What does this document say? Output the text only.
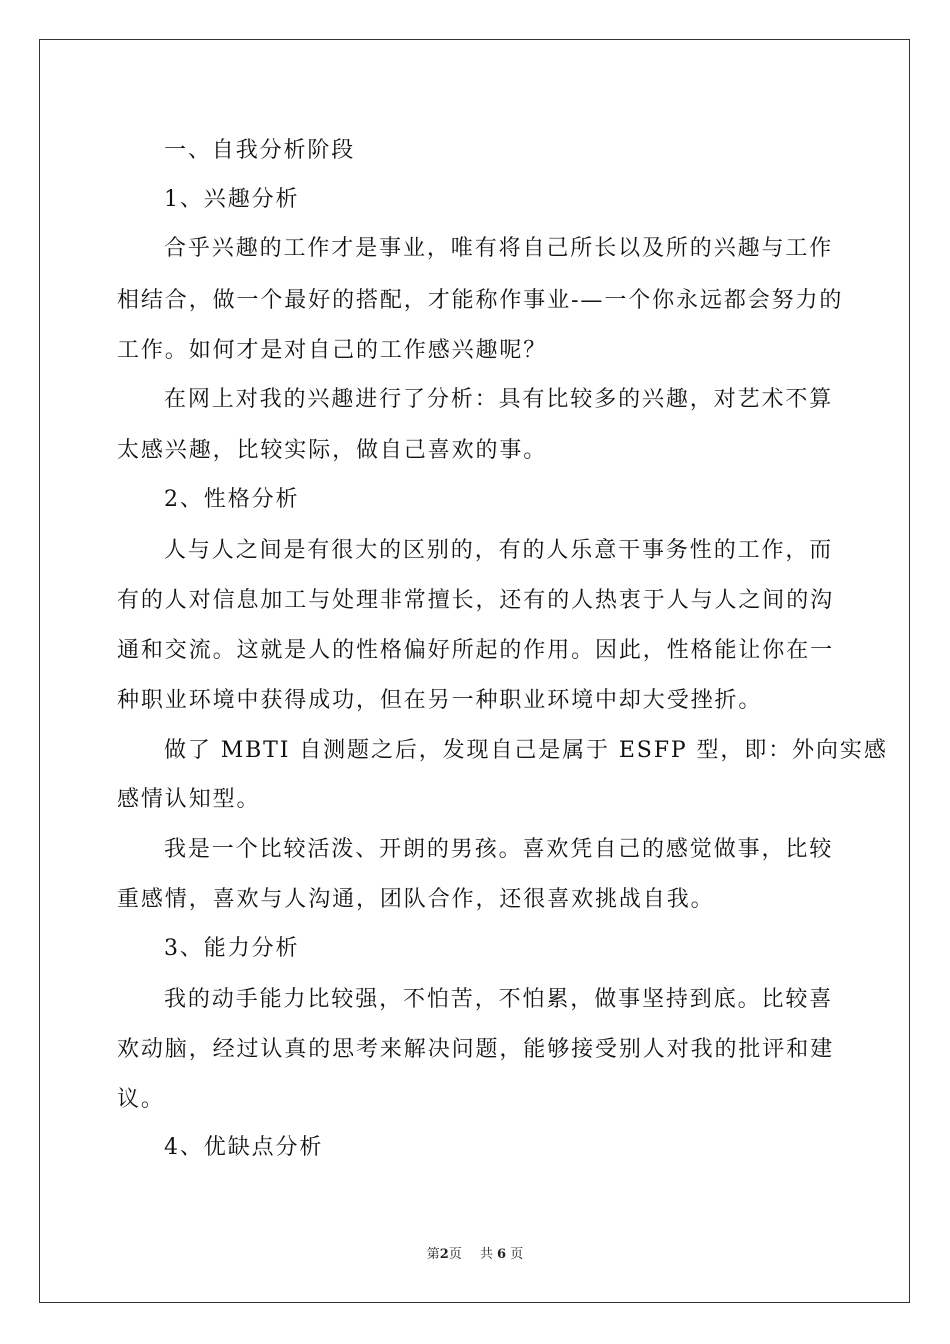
一、自我分析阶段
1、兴趣分析
合乎兴趣的工作才是事业，唯有将自己所长以及所的兴趣与工作
相结合，做一个最好的搭配，才能称作事业-—一个你永远都会努力的
工作。如何才是对自己的工作感兴趣呢？
在网上对我的兴趣进行了分析：具有比较多的兴趣，对艺术不算
太感兴趣，比较实际，做自己喜欢的事。
2、性格分析
人与人之间是有很大的区别的，有的人乐意干事务性的工作，而
有的人对信息加工与处理非常擅长，还有的人热衷于人与人之间的沟
通和交流。这就是人的性格偏好所起的作用。因此，性格能让你在一
种职业环境中获得成功，但在另一种职业环境中却大受挫折。
做了 MBTI 自测题之后，发现自己是属于 ESFP 型，即：外向实感
感情认知型。
我是一个比较活泼、开朗的男孩。喜欢凭自己的感觉做事，比较
重感情，喜欢与人沟通，团队合作，还很喜欢挑战自我。
3、能力分析
我的动手能力比较强，不怕苦，不怕累，做事坚持到底。比较喜
欢动脑，经过认真的思考来解决问题，能够接受别人对我的批评和建
议。
4、优缺点分析
第2页 共 6 页
